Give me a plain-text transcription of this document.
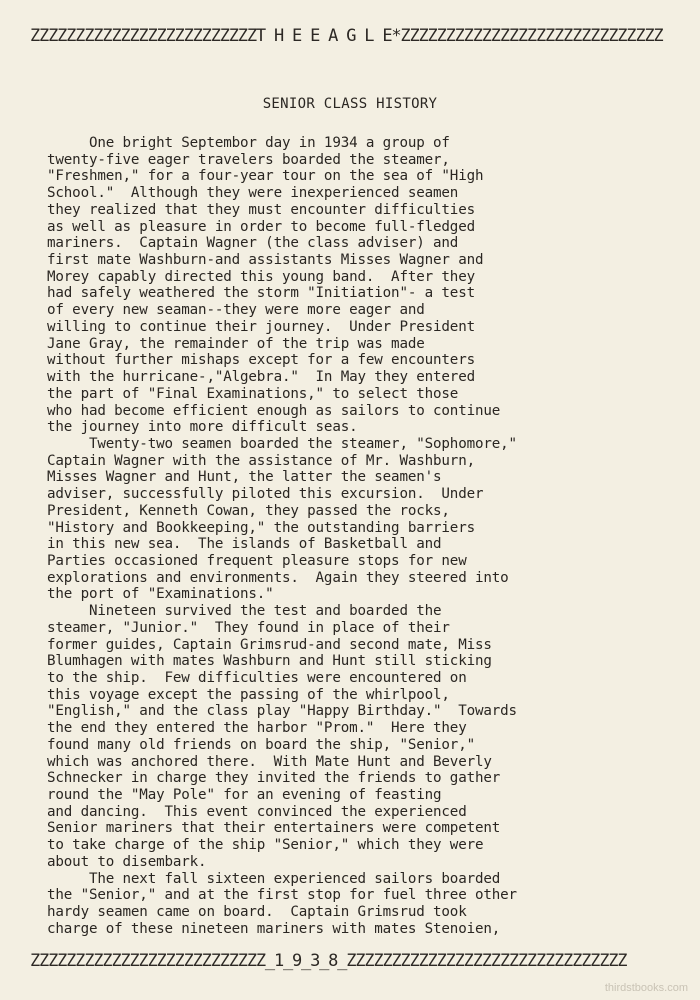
ZZZZZZZZZZZZZZZZZZZZZZZZZT H E E A G L E*ZZZZZZZZZZZZZZZZZZZZZZZZZZZZZ
SENIOR CLASS HISTORY
One bright Septembor day in 1934 a group of
twenty-five eager travelers boarded the steamer,
"Freshmen," for a four-year tour on the sea of "High
School."  Although they were inexperienced seamen
they realized that they must encounter difficulties
as well as pleasure in order to become full-fledged
mariners.  Captain Wagner (the class adviser) and
first mate Washburn-and assistants Misses Wagner and
Morey capably directed this young band.  After they
had safely weathered the storm "Initiation"- a test
of every new seaman--they were more eager and
willing to continue their journey.  Under President
Jane Gray, the remainder of the trip was made
without further mishaps except for a few encounters
with the hurricane-,"Algebra."  In May they entered
the part of "Final Examinations," to select those
who had become efficient enough as sailors to continue
the journey into more difficult seas.
Twenty-two seamen boarded the steamer, "Sophomore,"
Captain Wagner with the assistance of Mr. Washburn,
Misses Wagner and Hunt, the latter the seamen's
adviser, successfully piloted this excursion.  Under
President, Kenneth Cowan, they passed the rocks,
"History and Bookkeeping," the outstanding barriers
in this new sea.  The islands of Basketball and
Parties occasioned frequent pleasure stops for new
explorations and environments.  Again they steered into
the port of "Examinations."
Nineteen survived the test and boarded the
steamer, "Junior."  They found in place of their
former guides, Captain Grimsrud-and second mate, Miss
Blumhagen with mates Washburn and Hunt still sticking
to the ship.  Few difficulties were encountered on
this voyage except the passing of the whirlpool,
"English," and the class play "Happy Birthday."  Towards
the end they entered the harbor "Prom."  Here they
found many old friends on board the ship, "Senior,"
which was anchored there.  With Mate Hunt and Beverly
Schnecker in charge they invited the friends to gather
round the "May Pole" for an evening of feasting
and dancing.  This event convinced the experienced
Senior mariners that their entertainers were competent
to take charge of the ship "Senior," which they were
about to disembark.
The next fall sixteen experienced sailors boarded
the "Senior," and at the first stop for fuel three other
hardy seamen came on board.  Captain Grimsrud took
charge of these nineteen mariners with mates Stenoien,
ZZZZZZZZZZZZZZZZZZZZZZZZZZ_1_9_3_8_ZZZZZZZZZZZZZZZZZZZZZZZZZZZZZZZ
thirdstbooks.com
